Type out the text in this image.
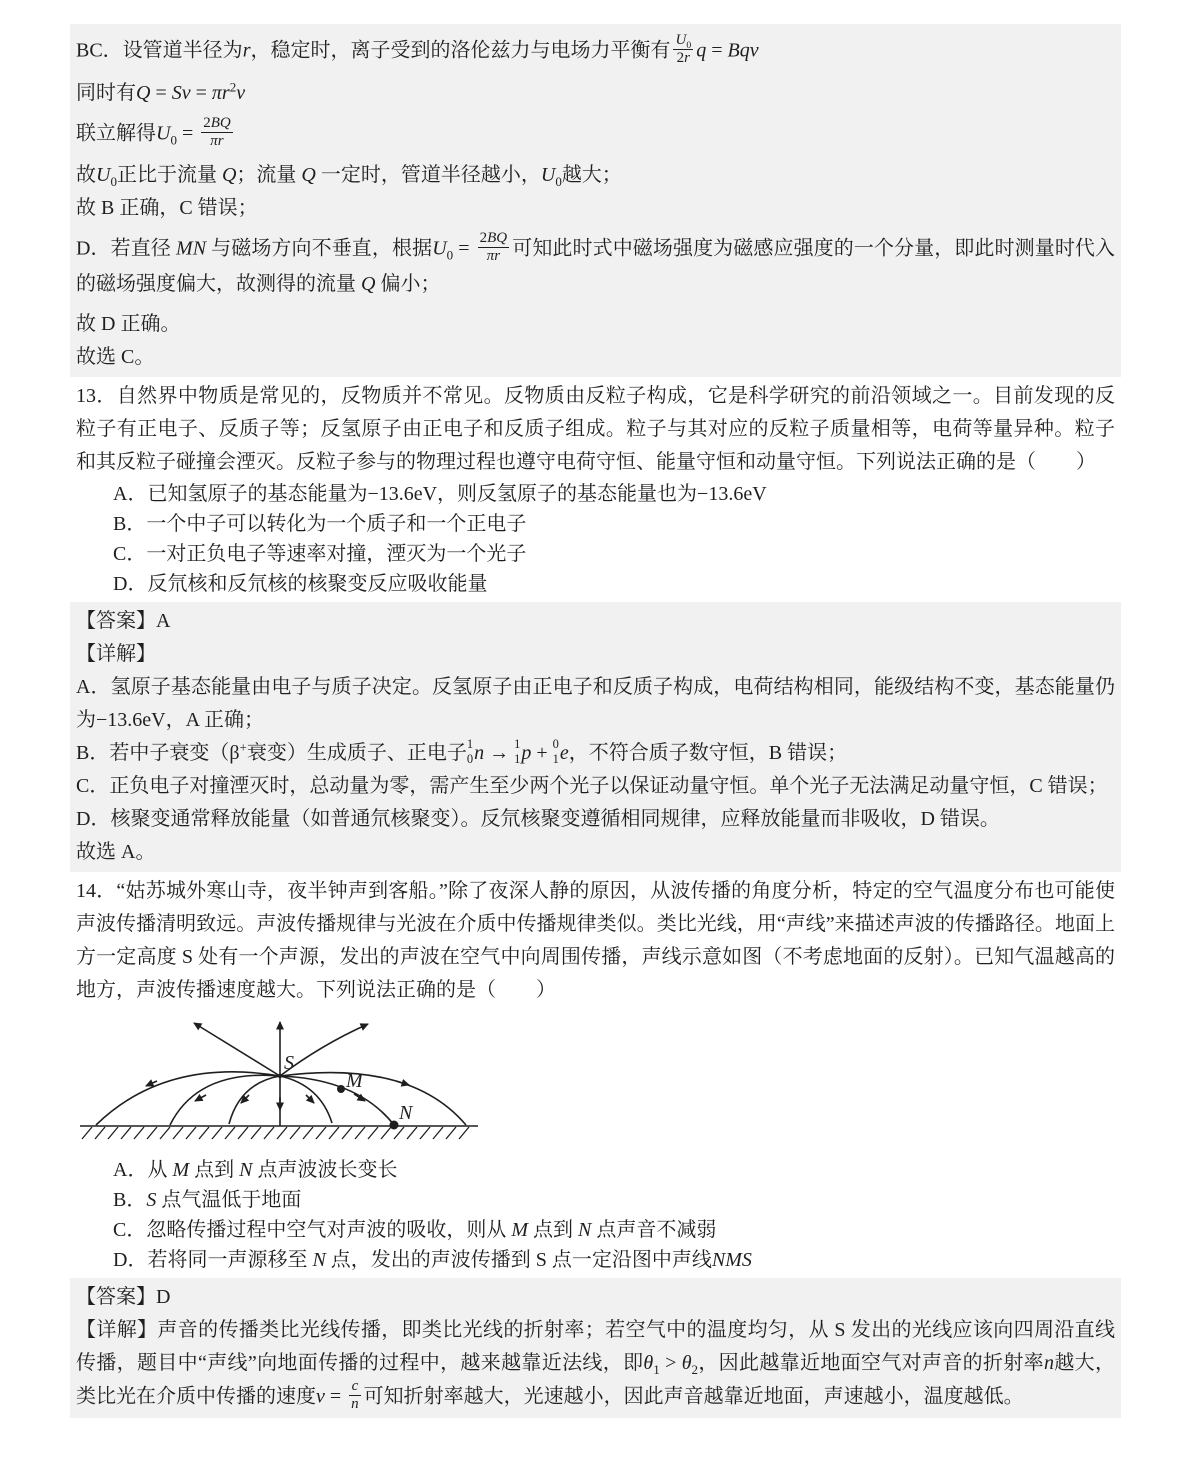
BC．设管道半径为r，稳定时，离子受到的洛伦兹力与电场力平衡有 $\frac{U_0}{2r}$ q = Bqv

同时有$Q = Sv = \pi r^2v$

联立解得$U_0 = \frac{2BQ}{\pi r}$

故$U_0$正比于流量 Q；流量 Q 一定时，管道半径越小，$U_0$越大；

故 B 正确，C 错误；

D．若直径 MN 与磁场方向不垂直，根据$U_0 = \frac{2BQ}{\pi r}$ 可知此时式中磁场强度为磁感应强度的一个分量，即此时测量时代入的磁场强度偏大，故测得的流量 Q 偏小；

故 D 正确。

故选 C。

13．自然界中物质是常见的，反物质并不常见。反物质由反粒子构成，它是科学研究的前沿领域之一。目前发现的反粒子有正电子、反质子等；反氢原子由正电子和反质子组成。粒子与其对应的反粒子质量相等，电荷等量异种。粒子和其反粒子碰撞会湮灭。反粒子参与的物理过程也遵守电荷守恒、能量守恒和动量守恒。下列说法正确的是（　　）

A．已知氢原子的基态能量为−13.6eV，则反氢原子的基态能量也为−13.6eV

B．一个中子可以转化为一个质子和一个正电子

C．一对正负电子等速率对撞，湮灭为一个光子

D．反氘核和反氘核的核聚变反应吸收能量

【答案】A

【详解】

A．氢原子基态能量由电子与质子决定。反氢原子由正电子和反质子构成，电荷结构相同，能级结构不变，基态能量仍为−13.6eV，A 正确；

B．若中子衰变（β+衰变）生成质子、正电子 1
0 n → 1
1 p + 0
1 e，不符合质子数守恒，B 错误；

C．正负电子对撞湮灭时，总动量为零，需产生至少两个光子以保证动量守恒。单个光子无法满足动量守恒，C 错误；

D．核聚变通常释放能量（如普通氘核聚变）。反氘核聚变遵循相同规律，应释放能量而非吸收，D 错误。

故选 A。

14．“姑苏城外寒山寺，夜半钟声到客船。”除了夜深人静的原因，从波传播的角度分析，特定的空气温度分布也可能使声波传播清明致远。声波传播规律与光波在介质中传播规律类似。类比光线，用“声线”来描述声波的传播路径。地面上方一定高度 S 处有一个声源，发出的声波在空气中向周围传播，声线示意如图（不考虑地面的反射）。已知气温越高的地方，声波传播速度越大。下列说法正确的是（　　）

S
M
N

A．从 M 点到 N 点声波波长变长

B．S 点气温低于地面

C．忽略传播过程中空气对声波的吸收，则从 M 点到 N 点声音不减弱

D．若将同一声源移至 N 点，发出的声波传播到 S 点一定沿图中声线NMS

【答案】D

【详解】声音的传播类比光线传播，即类比光线的折射率；若空气中的温度均匀，从 S 发出的光线应该向四周沿直线传播，题目中“声线”向地面传播的过程中，越来越靠近法线，即$\theta_1 > \theta_2$，因此越靠近地面空气对声音的折射率n越大，类比光在介质中传播的速度$v = \frac{c}{n}$ 可知折射率越大，光速越小，因此声音越靠近地面，声速越小，温度越低。
